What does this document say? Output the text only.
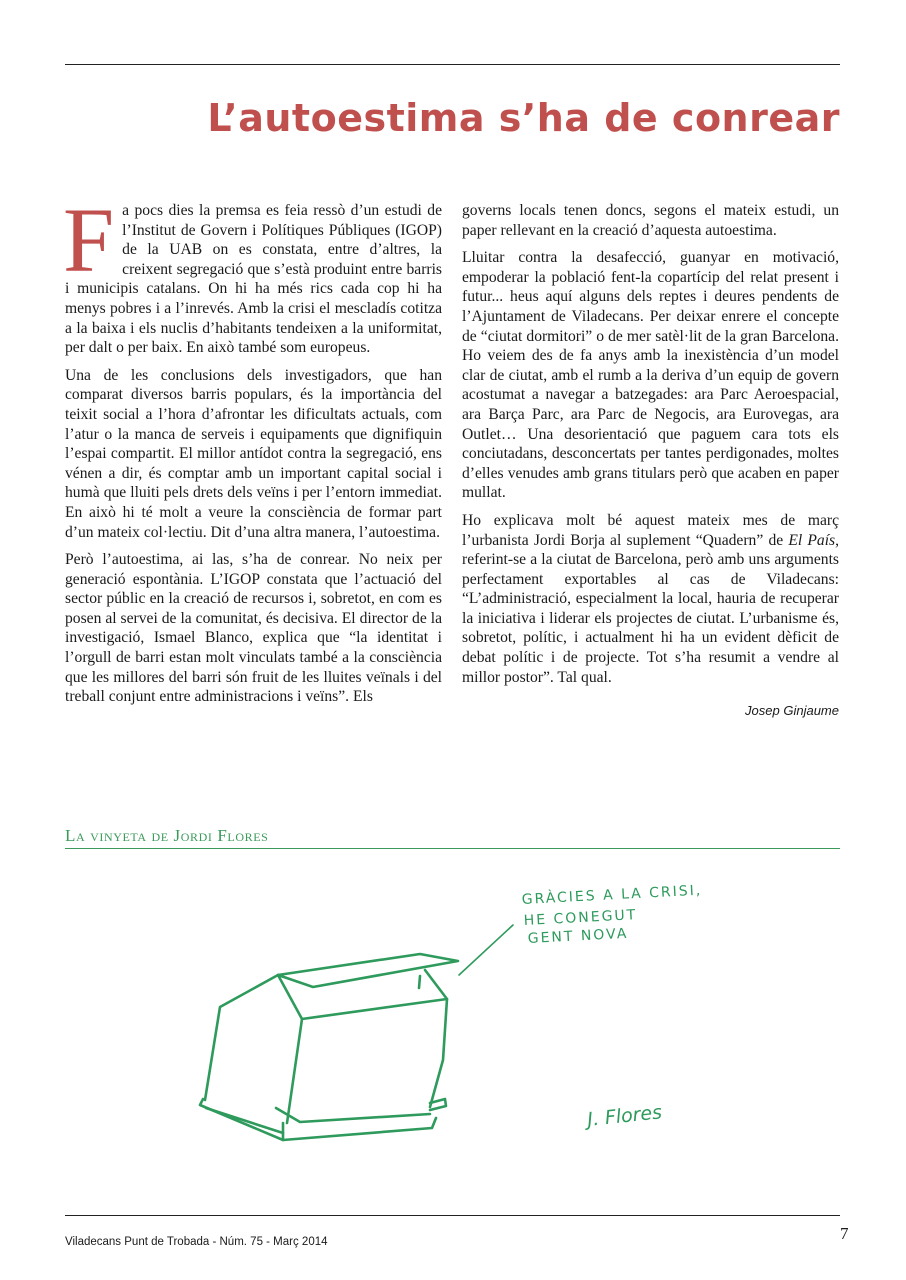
L’autoestima s’ha de conrear

Fa pocs dies la premsa es feia ressò d’un estudi de l’Institut de Govern i Polítiques Públiques (IGOP) de la UAB on es constata, entre d’altres, la creixent segregació que s’està produint entre barris i municipis catalans. On hi ha més rics cada cop hi ha menys pobres i a l’inrevés. Amb la crisi el mescladís cotitza a la baixa i els nuclis d’habitants tendeixen a la uniformitat, per dalt o per baix. En això també som europeus.

Una de les conclusions dels investigadors, que han comparat diversos barris populars, és la importància del teixit social a l’hora d’afrontar les dificultats actuals, com l’atur o la manca de serveis i equipaments que dignifiquin l’espai compartit. El millor antídot contra la segregació, ens vénen a dir, és comptar amb un important capital social i humà que lluiti pels drets dels veïns i per l’entorn immediat. En això hi té molt a veure la consciència de formar part d’un mateix col·lectiu. Dit d’una altra manera, l’autoestima.

Però l’autoestima, ai las, s’ha de conrear. No neix per generació espontània. L’IGOP constata que l’actuació del sector públic en la creació de recursos i, sobretot, en com es posen al servei de la comunitat, és decisiva. El director de la investigació, Ismael Blanco, explica que “la identitat i l’orgull de barri estan molt vinculats també a la consciència que les millores del barri són fruit de les lluites veïnals i del treball conjunt entre administracions i veïns”. Els

governs locals tenen doncs, segons el mateix estudi, un paper rellevant en la creació d’aquesta autoestima.

Lluitar contra la desafecció, guanyar en motivació, empoderar la població fent-la copartícip del relat present i futur... heus aquí alguns dels reptes i deures pendents de l’Ajuntament de Viladecans. Per deixar enrere el concepte de “ciutat dormitori” o de mer satèl·lit de la gran Barcelona. Ho veiem des de fa anys amb la inexistència d’un model clar de ciutat, amb el rumb a la deriva d’un equip de govern acostumat a navegar a batzegades: ara Parc Aeroespacial, ara Barça Parc, ara Parc de Negocis, ara Eurovegas, ara Outlet… Una desorientació que paguem cara tots els conciutadans, desconcertats per tantes perdigonades, moltes d’elles venudes amb grans titulars però que acaben en paper mullat.

Ho explicava molt bé aquest mateix mes de març l’urbanista Jordi Borja al suplement “Quadern” de El País, referint-se a la ciutat de Barcelona, però amb uns arguments perfectament exportables al cas de Viladecans: “L’administració, especialment la local, hauria de recuperar la iniciativa i liderar els projectes de ciutat. L’urbanisme és, sobretot, polític, i actualment hi ha un evident dèficit de debat polític i de projecte. Tot s’ha resumit a vendre al millor postor”. Tal qual.

Josep Ginjaume
La vinyeta de Jordi Flores
GRÀCIES A LA CRISI,
HE CONEGUT
GENT NOVA
J. Flores
Viladecans Punt de Trobada - Núm. 75 - Març 2014	7
